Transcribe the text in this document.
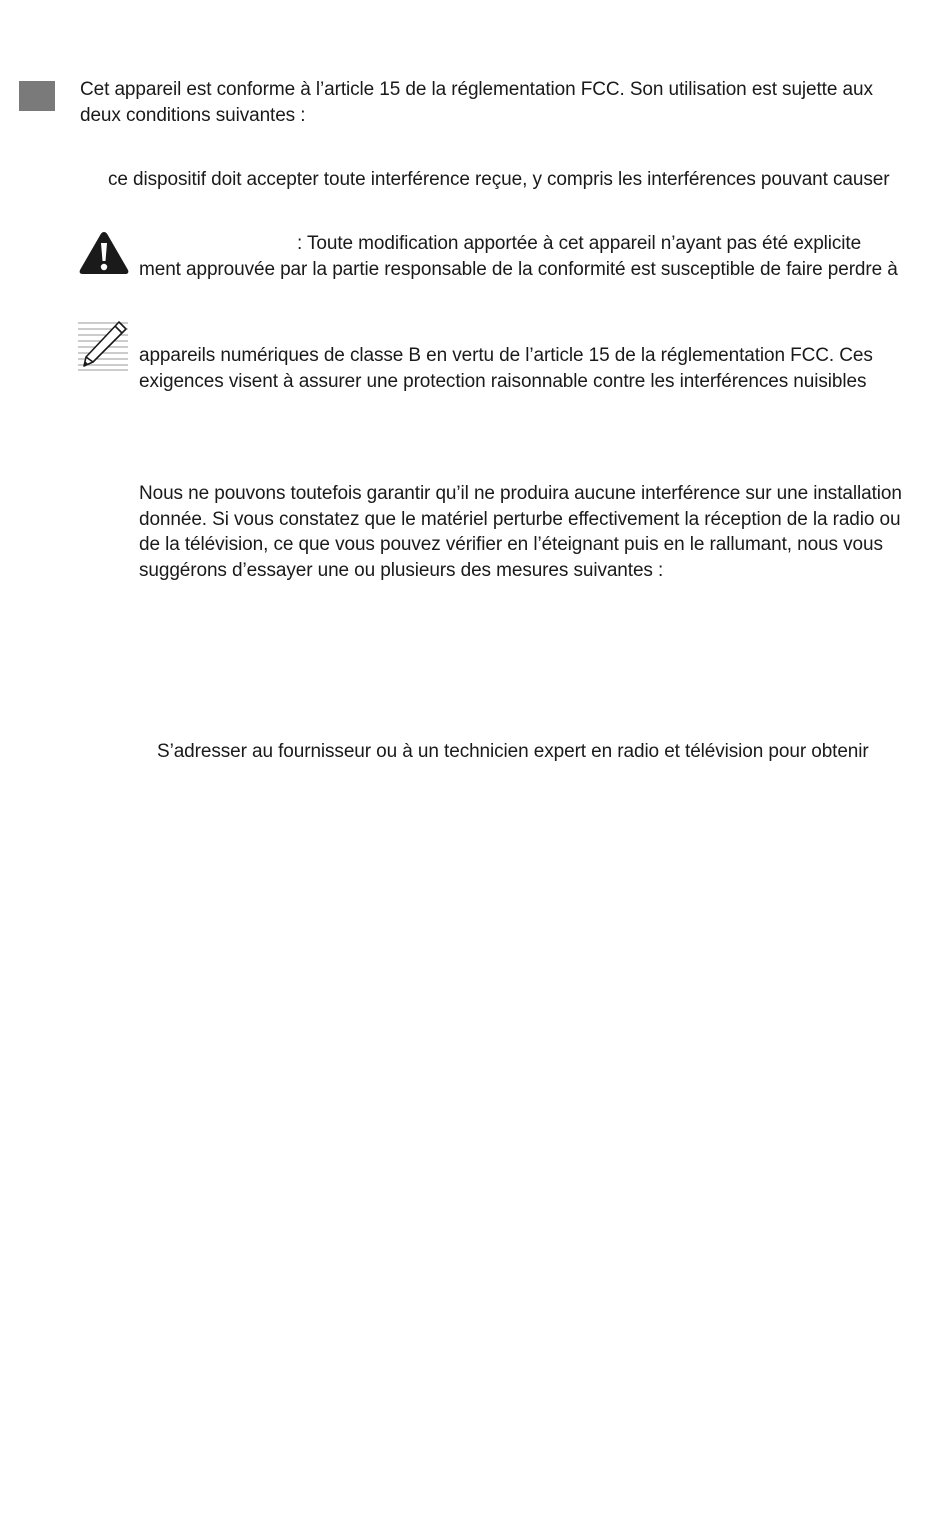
Cet appareil est conforme à l’article 15 de la réglementation FCC. Son utilisation est sujette aux
deux conditions suivantes :
ce dispositif doit accepter toute interférence reçue, y compris les interférences pouvant causer
: Toute modification apportée à cet appareil n’ayant pas été explicite
ment approuvée par la partie responsable de la conformité est susceptible de faire perdre à
appareils numériques de classe B en vertu de l’article 15 de la réglementation FCC. Ces
exigences visent à assurer une protection raisonnable contre les interférences nuisibles
Nous ne pouvons toutefois garantir qu’il ne produira aucune interférence sur une installation
donnée. Si vous constatez que le matériel perturbe effectivement la réception de la radio ou
de la télévision, ce que vous pouvez vérifier en l’éteignant puis en le rallumant, nous vous
suggérons d’essayer une ou plusieurs des mesures suivantes :
S’adresser au fournisseur ou à un technicien expert en radio et télévision pour obtenir
